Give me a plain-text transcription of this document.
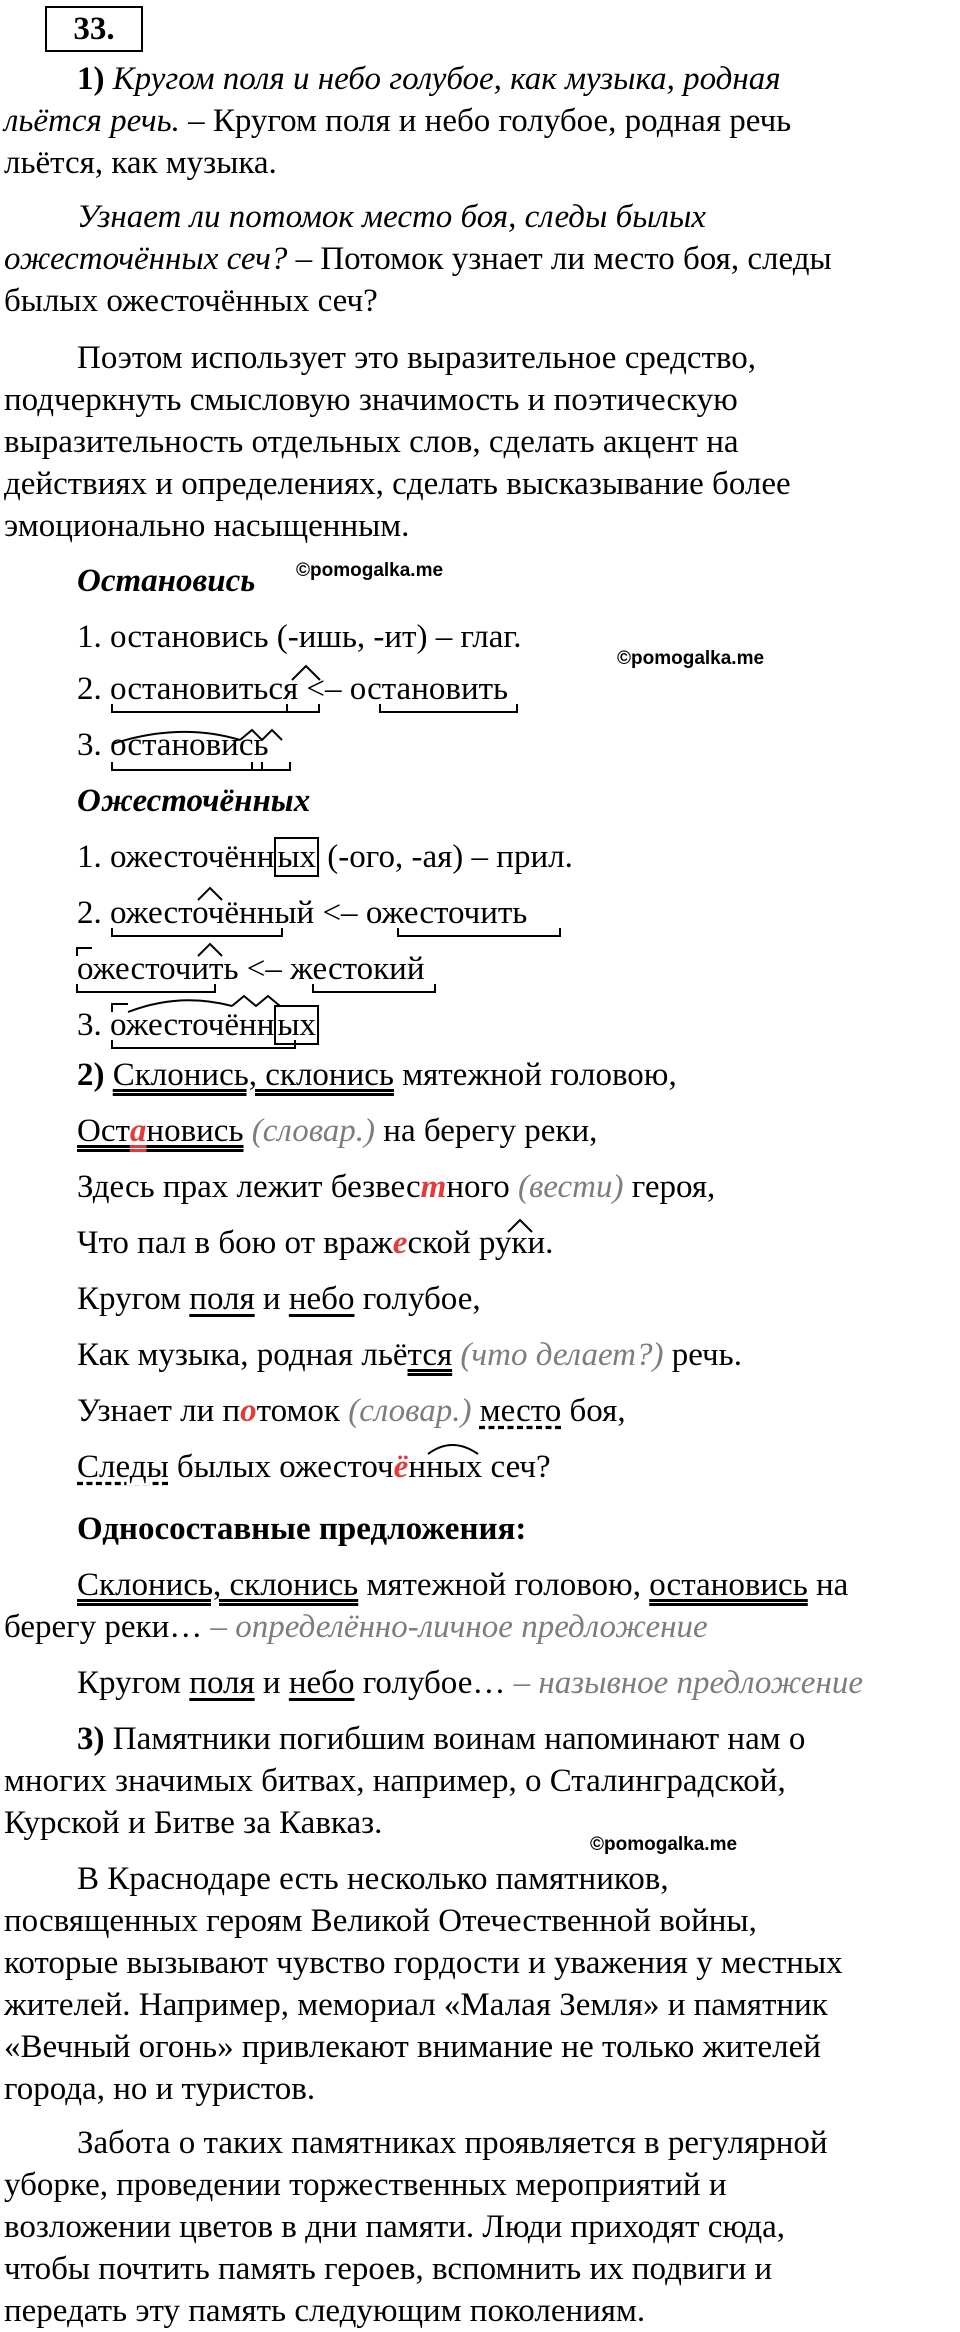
33.
1) Кругом поля и небо голубое, как музыка, родная
льётся речь. – Кругом поля и небо голубое, родная речь
льётся, как музыка.
Узнает ли потомок место боя, следы былых
ожесточённых сеч? – Потомок узнает ли место боя, следы
былых ожесточённых сеч?
Поэтом использует это выразительное средство,
подчеркнуть смысловую значимость и поэтическую
выразительность отдельных слов, сделать акцент на
действиях и определениях, сделать высказывание более
эмоционально насыщенным.
Остановись ©pomogalka.me
1. остановись (-ишь, -ит) – глаг.
©pomogalka.me
2. остановиться <– остановить
3. остановись
Ожесточённых
1. ожесточённых (-ого, -ая) – прил.
2. ожесточённый <– ожесточить
ожесточить <– жестокий
3. ожесточённых
2) Склонись, склонись мятежной головою,
Остановись (словар.) на берегу реки,
Здесь прах лежит безвестного (вести) героя,
Что пал в бою от вражеской руки.
Кругом поля и небо голубое,
Как музыка, родная льётся (что делает?) речь.
Узнает ли потомок (словар.) место боя,
Следы былых ожесточённых сеч?
Односоставные предложения:
Склонись, склонись мятежной головою, остановись на
берегу реки… – определённо-личное предложение
Кругом поля и небо голубое… – назывное предложение
3) Памятники погибшим воинам напоминают нам о
многих значимых битвах, например, о Сталинградской,
Курской и Битве за Кавказ.
©pomogalka.me
В Краснодаре есть несколько памятников,
посвященных героям Великой Отечественной войны,
которые вызывают чувство гордости и уважения у местных
жителей. Например, мемориал «Малая Земля» и памятник
«Вечный огонь» привлекают внимание не только жителей
города, но и туристов.
Забота о таких памятниках проявляется в регулярной
уборке, проведении торжественных мероприятий и
возложении цветов в дни памяти. Люди приходят сюда,
чтобы почтить память героев, вспомнить их подвиги и
передать эту память следующим поколениям.
